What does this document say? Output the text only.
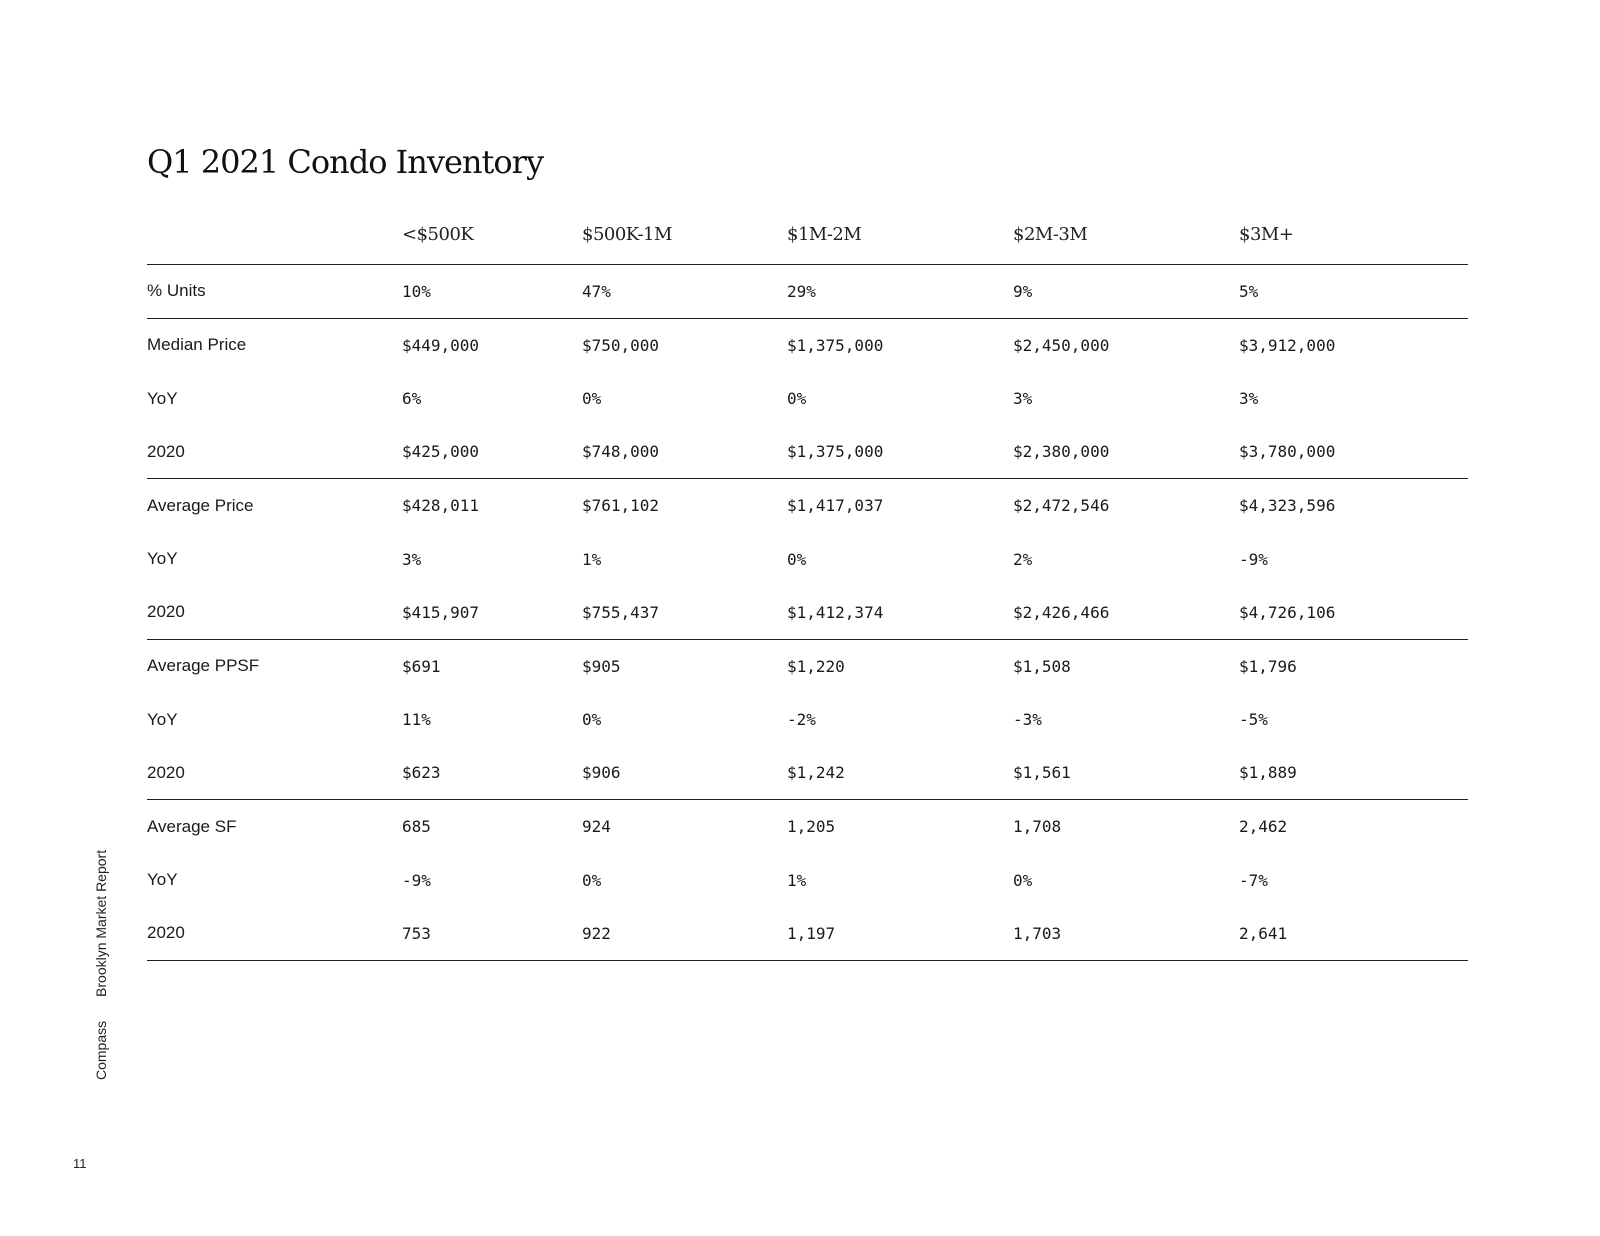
Q1 2021 Condo Inventory
<$500K	$500K-1M	$1M-2M	$2M-3M	$3M+
% Units	10%	47%	29%	9%	5%
Median Price	$449,000	$750,000	$1,375,000	$2,450,000	$3,912,000
YoY	6%	0%	0%	3%	3%
2020	$425,000	$748,000	$1,375,000	$2,380,000	$3,780,000
Average Price	$428,011	$761,102	$1,417,037	$2,472,546	$4,323,596
YoY	3%	1%	0%	2%	-9%
2020	$415,907	$755,437	$1,412,374	$2,426,466	$4,726,106
Average PPSF	$691	$905	$1,220	$1,508	$1,796
YoY	11%	0%	-2%	-3%	-5%
2020	$623	$906	$1,242	$1,561	$1,889
Average SF	685	924	1,205	1,708	2,462
YoY	-9%	0%	1%	0%	-7%
2020	753	922	1,197	1,703	2,641
Compass Brooklyn Market Report
11
